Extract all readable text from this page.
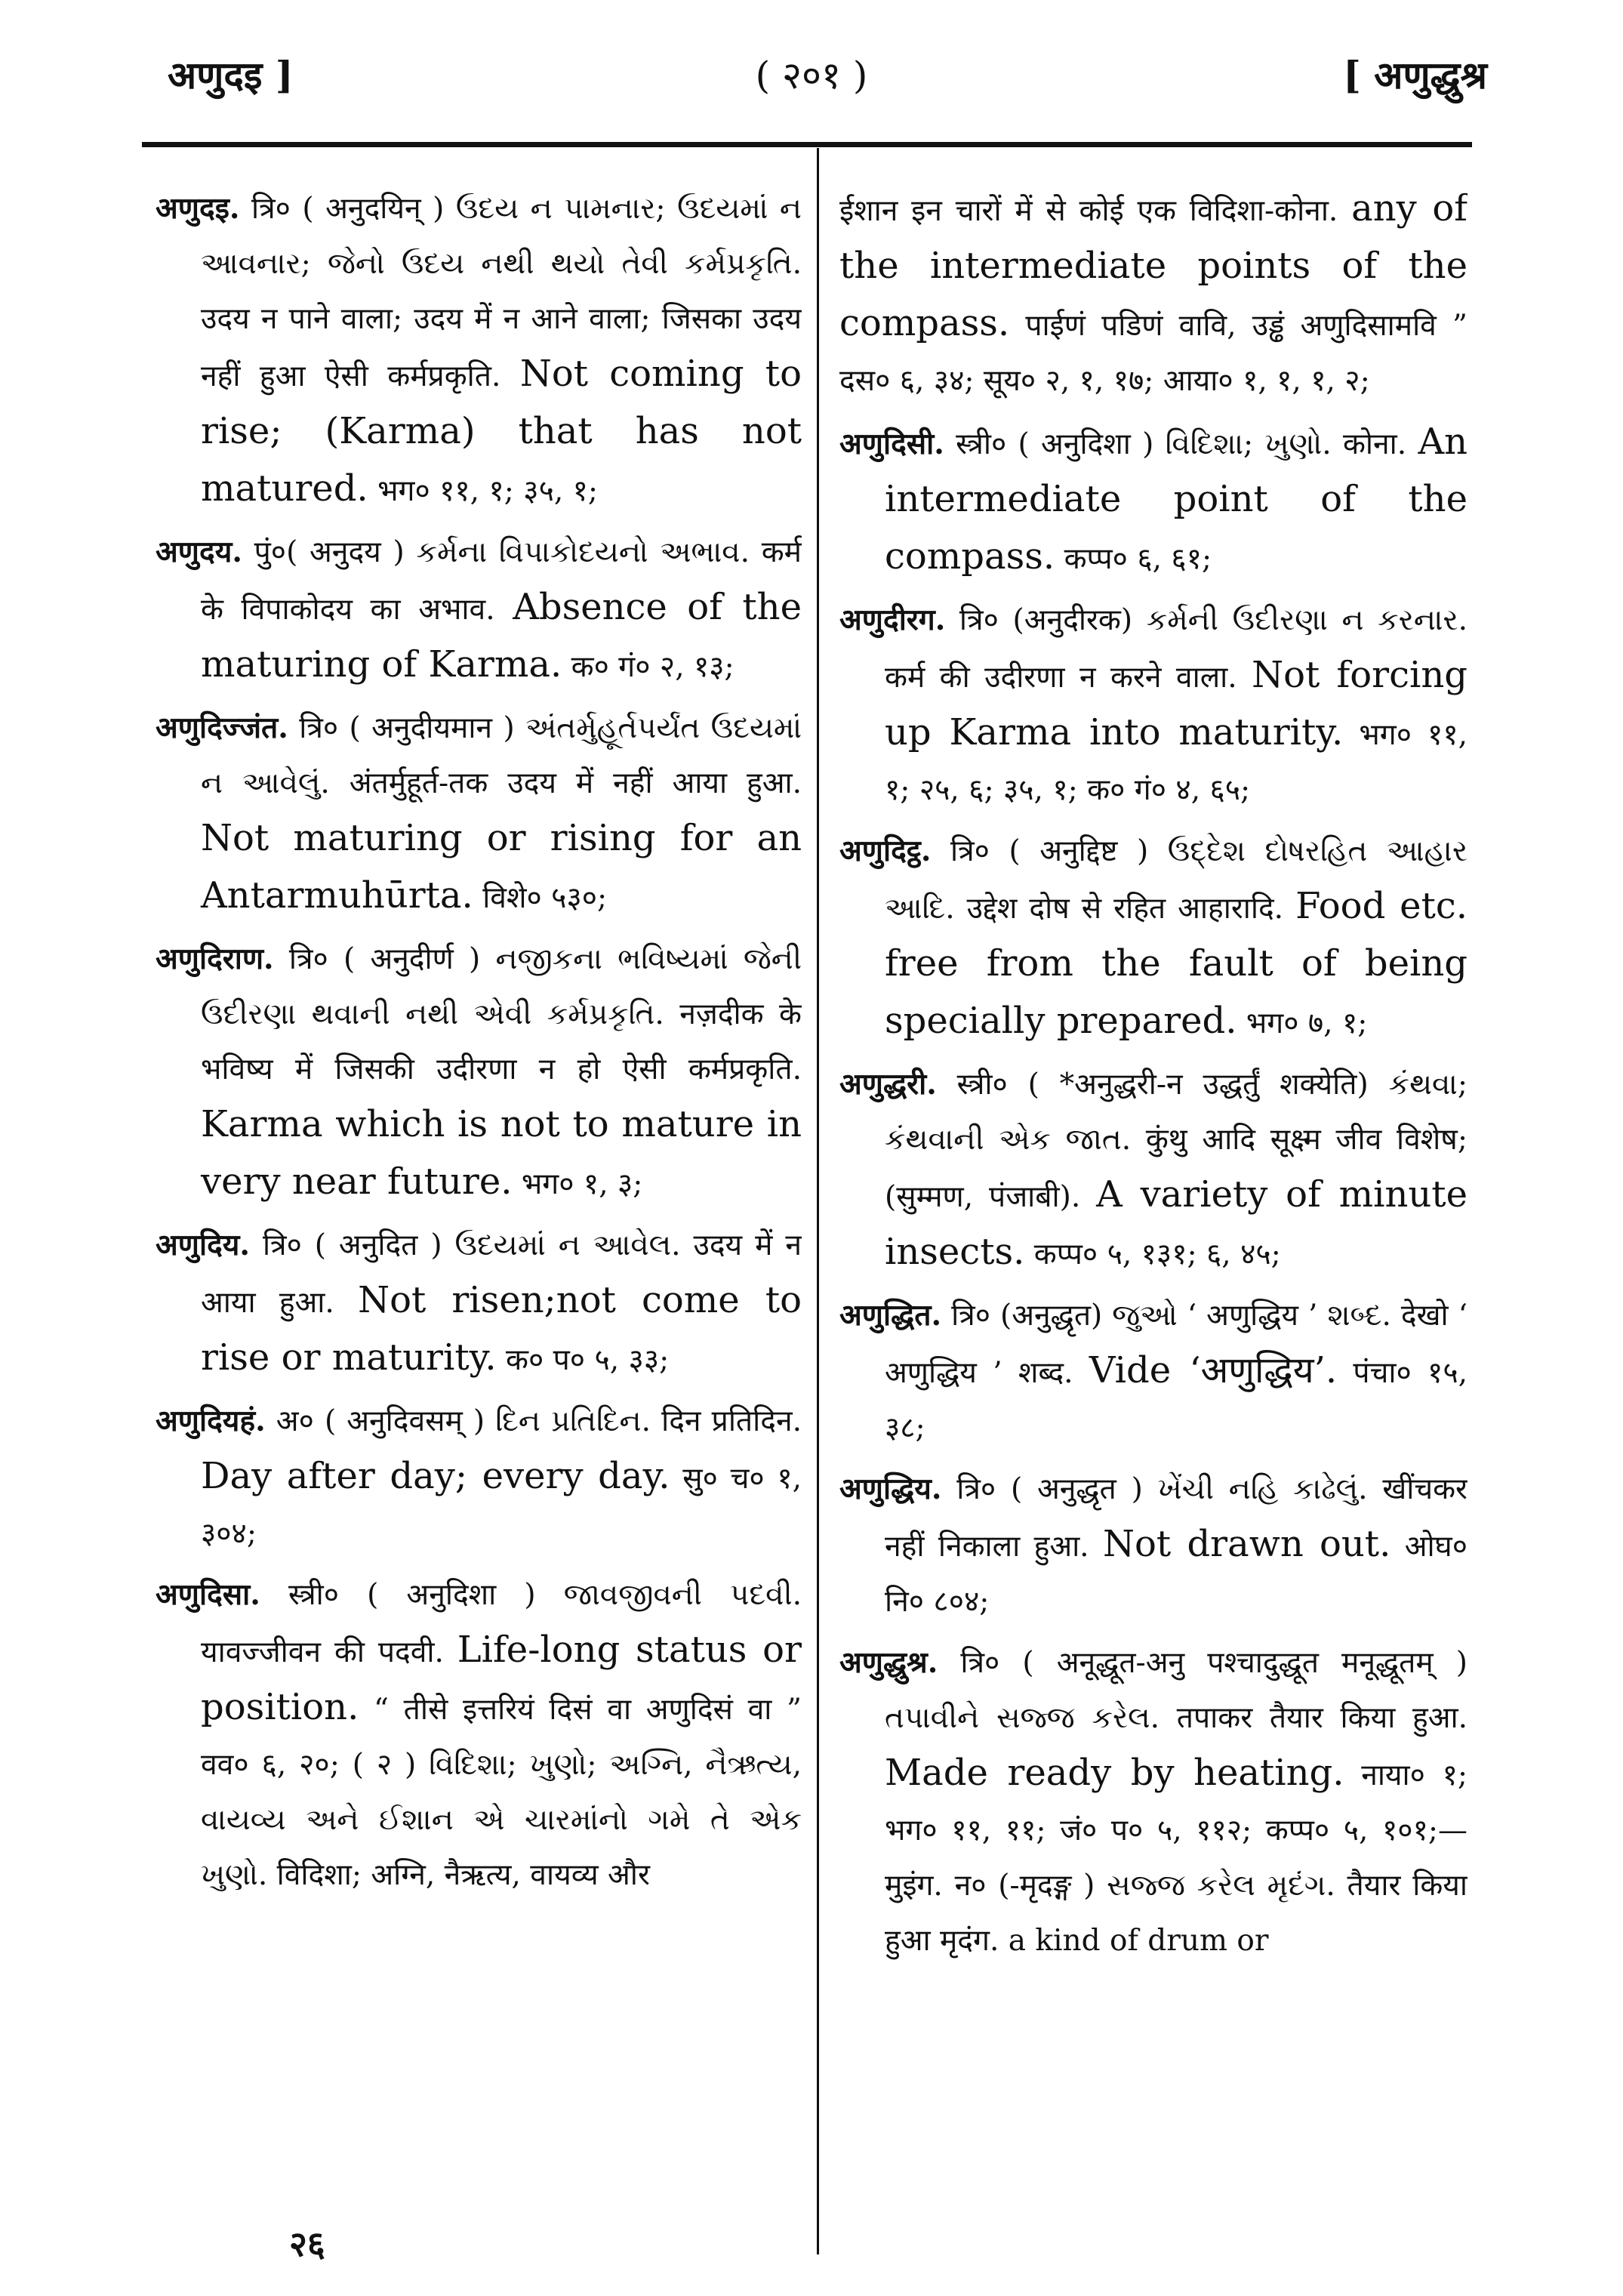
अणुदइ ]	( २०१ )	[ अणुद्धुश्र

अणुदइ. त्रि० ( अनुदयिन् ) ઉદય ન પામનાર; ઉદયમાં ન આવનાર; જેનો ઉદય નથી થયો તેવી કર્મપ્રકૃતિ. उदय न पाने वाला; उदय में न आने वाला; जिसका उदय नहीं हुआ ऐसी कर्मप्रकृति. Not coming to rise; (Karma) that has not matured. भग० ११, १; ३५, १;

अणुदय. पुं०( अनुदय ) કર્મના વિપાકોદયનો અભાવ. कर्म के विपाकोदय का अभाव. Absence of the maturing of Karma. क० गं० २, १३;

अणुदिज्जंत. त्रि० ( अनुदीयमान ) અંતર્મુહૂર્તપર્યંત ઉદયમાં ન આવેલું. अंतर्मुहूर्त-तक उदय में नहीं आया हुआ. Not maturing or rising for an Antarmuhūrta. विशे० ५३०;

अणुदिराण. त्रि० ( अनुदीर्ण ) નજીકના ભવિષ્યમાં જેની ઉદીરણા થવાની નથી એવી કર્મપ્રકૃતિ. नज़दीक के भविष्य में जिसकी उदीरणा न हो ऐसी कर्मप्रकृति. Karma which is not to mature in very near future. भग० १, ३;

अणुदिय. त्रि० ( अनुदित ) ઉદયમાં ન આવેલ. उदय में न आया हुआ. Not risen;not come to rise or maturity. क० प० ५, ३३;

अणुदियहं. अ० ( अनुदिवसम् ) દિન પ્રતિદિન. दिन प्रतिदिन. Day after day; every day. सु० च० १, ३०४;

अणुदिसा. स्त्री० ( अनुदिशा ) જાવજીવની પદવી. यावज्जीवन की पदवी. Life-long status or position. “ तीसे इत्तरियं दिसं वा अणुदिसं वा ” वव० ६, २०; ( २ ) વિદિશા; ખુણો; અગ્નિ, નૈઋત્ય, વાયવ્ય અને ઈશાન એ ચારમાંનો ગમે તે એક ખુણો. विदिशा; अग्नि, नैऋत्य, वायव्य और

ईशान इन चारों में से कोई एक विदिशा-कोना. any of the intermediate points of the compass. पाईणं पडिणं वावि, उड्ढं अणुदिसामवि ” दस० ६, ३४; सूय० २, १, १७; आया० १, १, १, २;

अणुदिसी. स्त्री० ( अनुदिशा ) વિદિશા; ખુણો. कोना. An intermediate point of the compass. कप्प० ६, ६१;

अणुदीरग. त्रि० (अनुदीरक) કર્મની ઉદીરણા ન કરનાર. कर्म की उदीरणा न करने वाला. Not forcing up Karma into maturity. भग० ११, १; २५, ६; ३५, १; क० गं० ४, ६५;

अणुदिट्ठ. त्रि० ( अनुद्दिष्ट ) ઉદ્દેશ દોષરહિત આહાર આદિ. उद्देश दोष से रहित आहारादि. Food etc. free from the fault of being specially prepared. भग० ७, १;

अणुद्धरी. स्त्री० ( *अनुद्धरी-न उद्धर्तुं शक्येति) કંથવા; કંથવાની એક જાત. कुंथु आदि सूक्ष्म जीव विशेष; (सुम्मण, पंजाबी). A variety of minute insects. कप्प० ५, १३१; ६, ४५;

अणुद्धित. त्रि० (अनुद्धृत) જુઓ ‘ अणुद्धिय ’ શબ્દ. देखो ‘ अणुद्धिय ’ शब्द. Vide ‘अणुद्धिय’. पंचा० १५, ३८;

अणुद्धिय. त्रि० ( अनुद्धृत ) ખેંચી નહિ કાઢેલું. खींचकर नहीं निकाला हुआ. Not drawn out. ओघ० नि० ८०४;

अणुद्धुश्र. त्रि० ( अनूद्धूत-अनु पश्चादुद्धूत मनूद्धूतम् ) તપાવીને સજ્જ કરેલ. तपाकर तैयार किया हुआ. Made ready by heating. नाया० १; भग० ११, ११; जं० प० ५, ११२; कप्प० ५, १०१;—मुइंग. न० (-मृदङ्ग ) સજ્જ કરેલ મૃદંગ. तैयार किया हुआ मृदंग. a kind of drum or

२६
